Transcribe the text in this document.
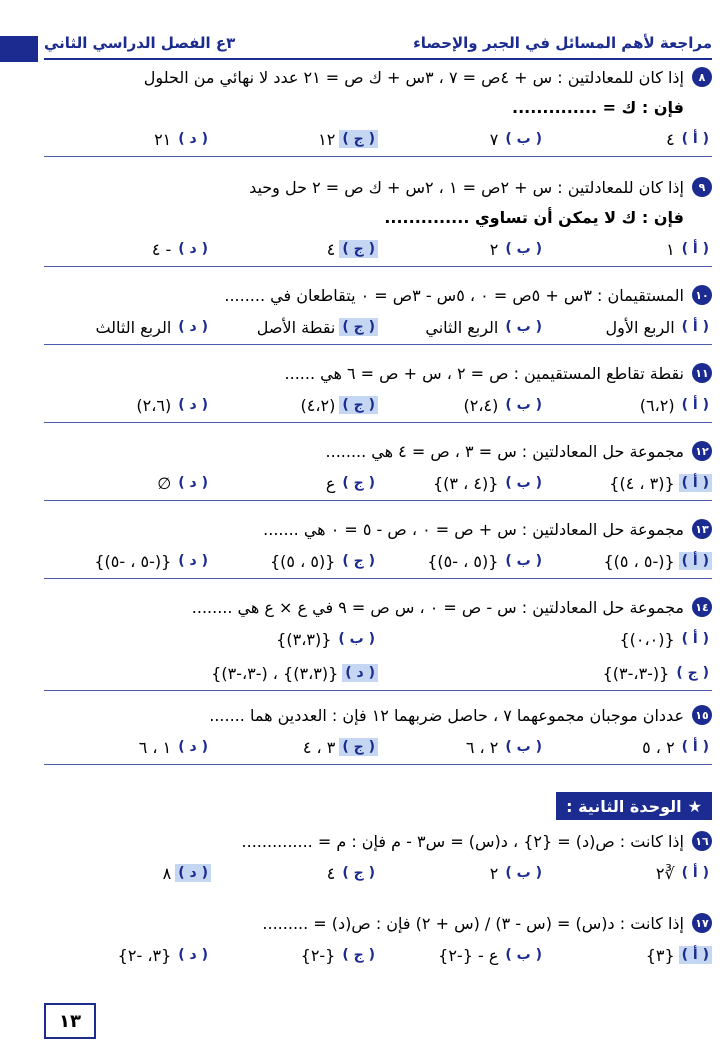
٣ع الفصل الدراسي الثاني	مراجعة لأهم المسائل في الجبر والإحصاء
٨
إذا كان للمعادلتين : س + ٤ص = ٧ ، ٣س + ك ص = ٢١ عدد لا نهائي من الحلول
فإن : ك = ..............
( أ )
٤
( ب )
٧
( ج )
١٢
( د )
٢١
٩
إذا كان للمعادلتين : س + ٢ص = ١ ، ٢س + ك ص = ٢ حل وحيد
فإن : ك لا يمكن أن تساوي ..............
( أ )
١
( ب )
٢
( ج )
٤
( د )
- ٤
١٠
المستقيمان : ٣س + ٥ص = ٠ ، ٥س - ٣ص = ٠ يتقاطعان في ........
( أ )
الربع الأول
( ب )
الربع الثاني
( ج )
نقطة الأصل
( د )
الربع الثالث
١١
نقطة تقاطع المستقيمين : ص = ٢ ، س + ص = ٦ هي ......
( أ )
(٦،٢)
( ب )
(٢،٤)
( ج )
(٤،٢)
( د )
(٢،٦)
١٢
مجموعة حل المعادلتين : س = ٣ ، ص = ٤ هي ........
( أ )
{(٣ ، ٤)}
( ب )
{(٤ ، ٣)}
( ج )
ع
( د )
∅
١٣
مجموعة حل المعادلتين : س + ص = ٠ ، ص - ٥ = ٠ هي .......
( أ )
{(-٥ ، ٥)}
( ب )
{(٥ ، -٥)}
( ج )
{(٥ ، ٥)}
( د )
{(-٥ ، -٥)}
١٤
مجموعة حل المعادلتين : س - ص = ٠ ، س ص = ٩ في ع × ع هي ........
( أ )
{(٠،٠)}
( ب )
{(٣،٣)}
( ج )
{(-٣،-٣)}
( د )
{(٣،٣)} ، (-٣،-٣)}
١٥
عددان موجبان مجموعهما ٧ ، حاصل ضربهما ١٢ فإن : العددين هما .......
( أ )
٢ ، ٥
( ب )
٢ ، ٦
( ج )
٣ ، ٤
( د )
١ ، ٦
١٦
إذا كانت : ص(د) = {٢} ، د(س) = س٣ - م فإن : م = ..............
( أ )
∛٢
( ب )
٢
( ج )
٤
( د )
٨
١٧
إذا كانت : د(س) = (س - ٣) / (س + ٢) فإن : ص(د) = .........
( أ )
{٣}
( ب )
ع - {-٢}
( ج )
{-٢}
( د )
{٣، -٢}
★
الوحدة الثانية :
١٣
